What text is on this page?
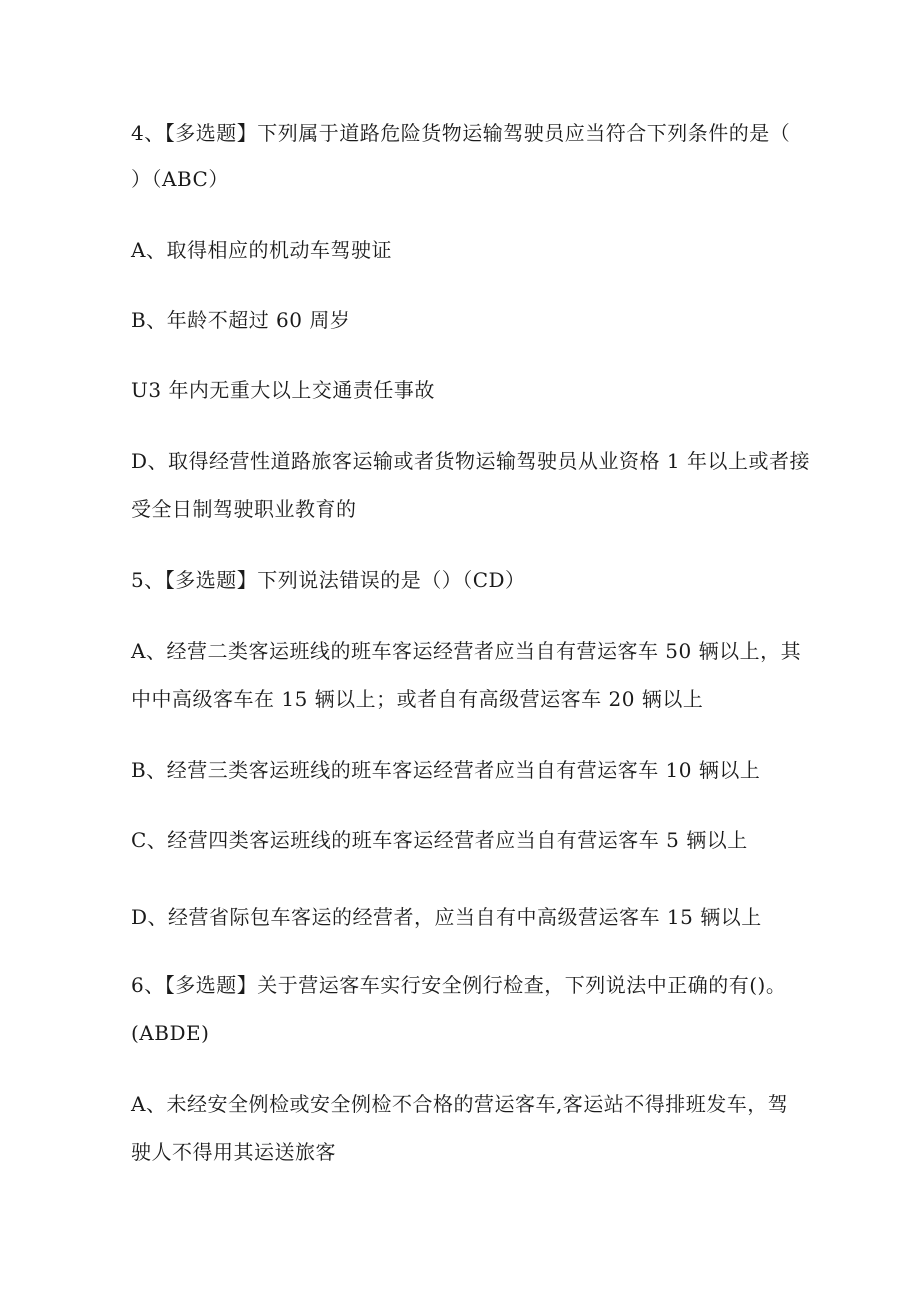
4、【多选题】下列属于道路危险货物运输驾驶员应当符合下列条件的是（
）（ABC）
A、取得相应的机动车驾驶证
B、年龄不超过 60 周岁
U3 年内无重大以上交通责任事故
D、取得经营性道路旅客运输或者货物运输驾驶员从业资格 1 年以上或者接
受全日制驾驶职业教育的
5、【多选题】下列说法错误的是（）（CD）
A、经营二类客运班线的班车客运经营者应当自有营运客车 50 辆以上，其
中中高级客车在 15 辆以上；或者自有高级营运客车 20 辆以上
B、经营三类客运班线的班车客运经营者应当自有营运客车 10 辆以上
C、经营四类客运班线的班车客运经营者应当自有营运客车 5 辆以上
D、经营省际包车客运的经营者，应当自有中高级营运客车 15 辆以上
6、【多选题】关于营运客车实行安全例行检查，下列说法中正确的有()。
(ABDE)
A、未经安全例检或安全例检不合格的营运客车,客运站不得排班发车，驾
驶人不得用其运送旅客
